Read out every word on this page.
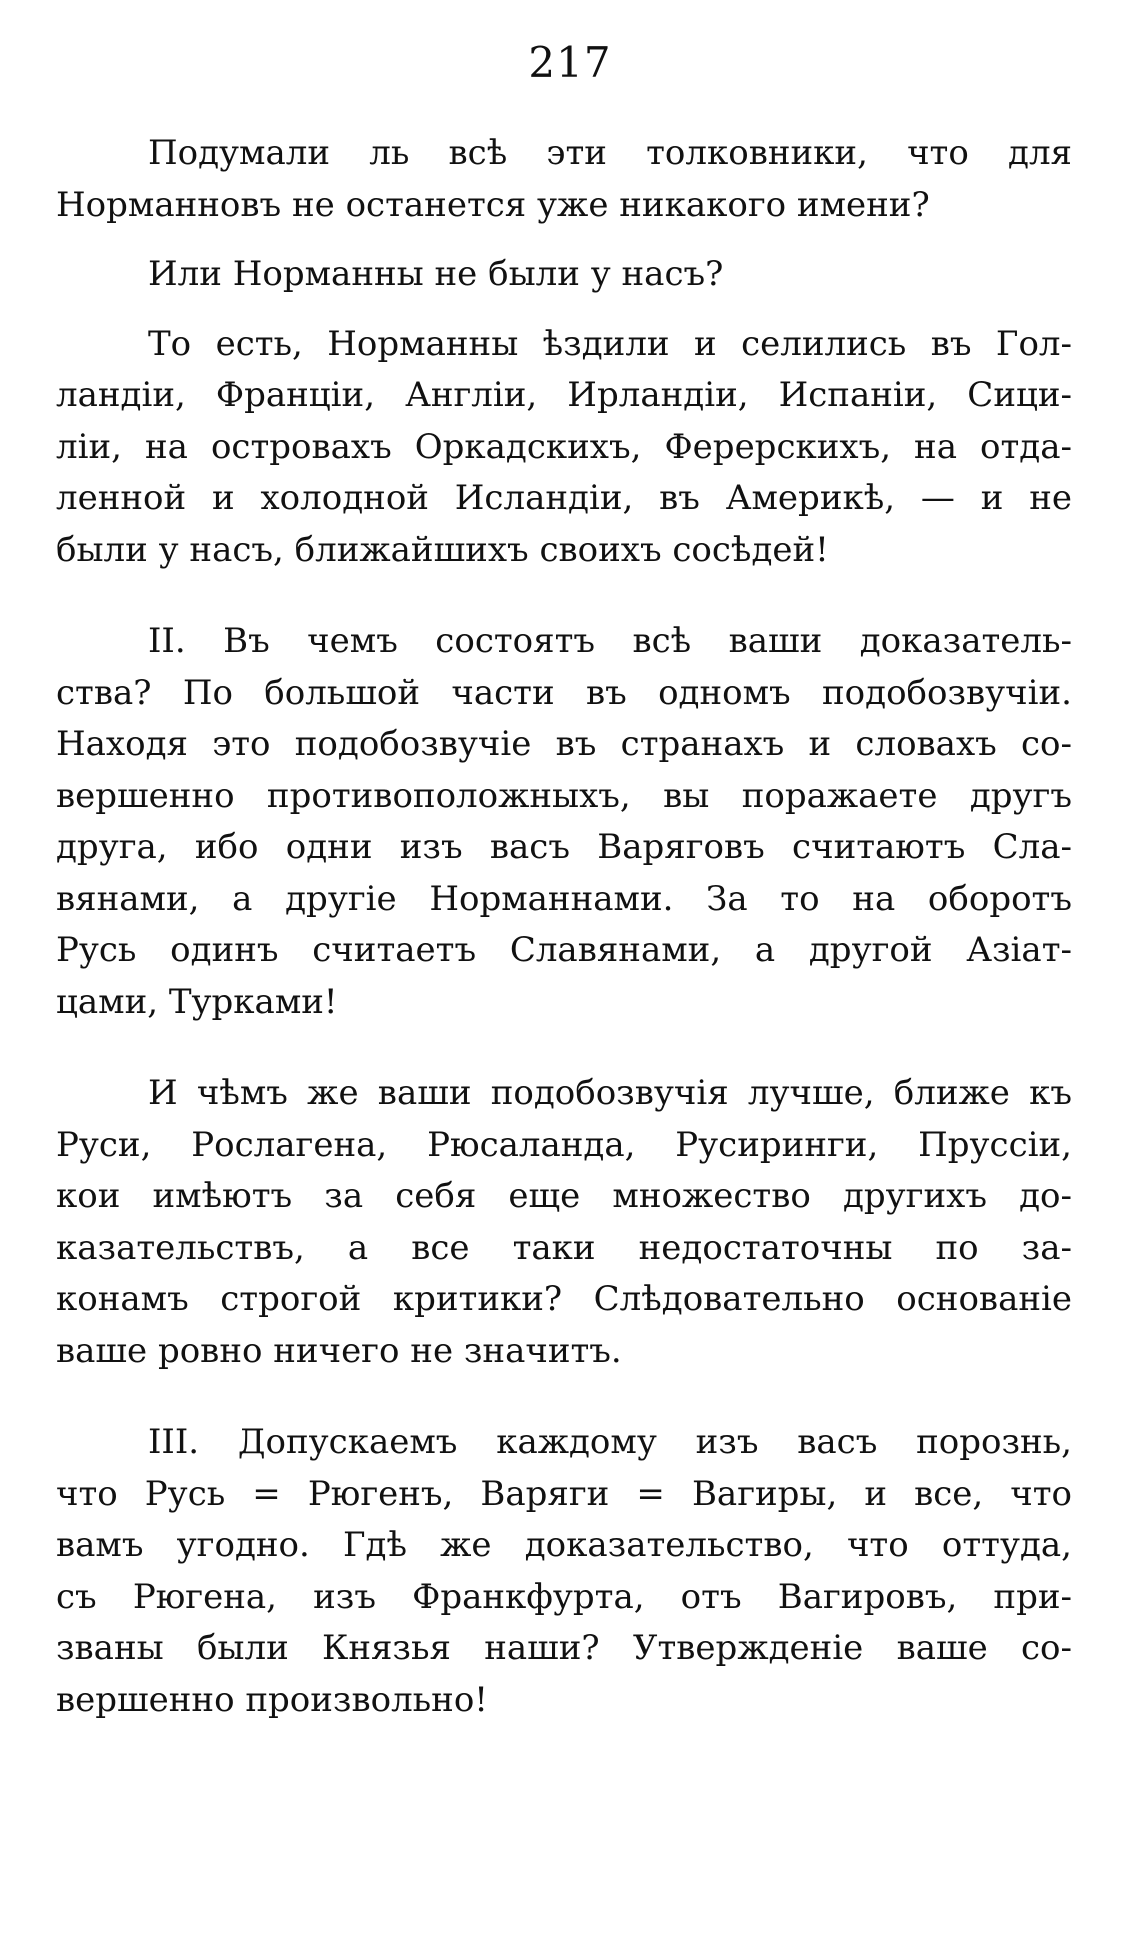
217
Подумали ль всѣ эти толковники, что для
Норманновъ не останется уже никакого имени?
Или Норманны не были у насъ?
То есть, Норманны ѣздили и селились въ Гол-
ландіи, Франціи, Англіи, Ирландіи, Испаніи, Сици-
ліи, на островахъ Оркадскихъ, Ферерскихъ, на отда-
ленной и холодной Исландіи, въ Америкѣ, — и не
были у насъ, ближайшихъ своихъ сосѣдей!
II. Въ чемъ состоятъ всѣ ваши доказатель-
ства? По большой части въ одномъ подобозвучіи.
Находя это подобозвучіе въ странахъ и словахъ со-
вершенно противоположныхъ, вы поражаете другъ
друга, ибо одни изъ васъ Варяговъ считаютъ Сла-
вянами, а другіе Норманнами. За то на оборотъ
Русь одинъ считаетъ Славянами, а другой Азіат-
цами, Турками!
И чѣмъ же ваши подобозвучія лучше, ближе къ
Руси, Рослагена, Рюсаланда, Русиринги, Пруссіи,
кои имѣютъ за себя еще множество другихъ до-
казательствъ, а все таки недостаточны по за-
конамъ строгой критики? Слѣдовательно основаніе
ваше ровно ничего не значитъ.
III. Допускаемъ каждому изъ васъ порознь,
что Русь = Рюгенъ, Варяги = Вагиры, и все, что
вамъ угодно. Гдѣ же доказательство, что оттуда,
съ Рюгена, изъ Франкфурта, отъ Вагировъ, при-
званы были Князья наши? Утвержденіе ваше со-
вершенно произвольно!
